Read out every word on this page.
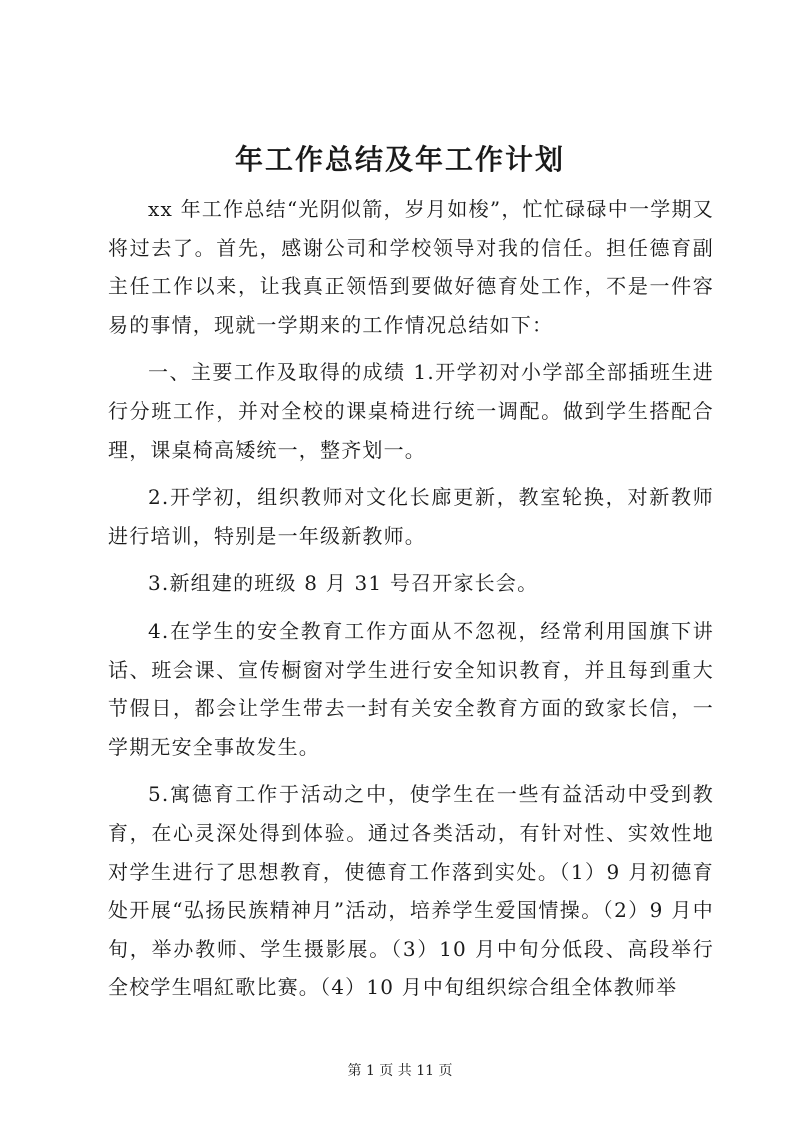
年工作总结及年工作计划

xx 年工作总结“光阴似箭，岁月如梭”，忙忙碌碌中一学期又将过去了。首先，感谢公司和学校领导对我的信任。担任德育副主任工作以来，让我真正领悟到要做好德育处工作，不是一件容易的事情，现就一学期来的工作情况总结如下：

一、主要工作及取得的成绩 1.开学初对小学部全部插班生进行分班工作，并对全校的课桌椅进行统一调配。做到学生搭配合理，课桌椅高矮统一，整齐划一。

2.开学初，组织教师对文化长廊更新，教室轮换，对新教师进行培训，特别是一年级新教师。

3.新组建的班级 8 月 31 号召开家长会。

4.在学生的安全教育工作方面从不忽视，经常利用国旗下讲话、班会课、宣传橱窗对学生进行安全知识教育，并且每到重大节假日，都会让学生带去一封有关安全教育方面的致家长信，一学期无安全事故发生。

5.寓德育工作于活动之中，使学生在一些有益活动中受到教育，在心灵深处得到体验。通过各类活动，有针对性、实效性地对学生进行了思想教育，使德育工作落到实处。（1）9 月初德育处开展“弘扬民族精神月”活动，培养学生爱国情操。（2）9 月中旬，举办教师、学生摄影展。（3）10 月中旬分低段、高段举行全校学生唱紅歌比赛。（4）10 月中旬组织综合组全体教师举

第 1 页 共 11 页
